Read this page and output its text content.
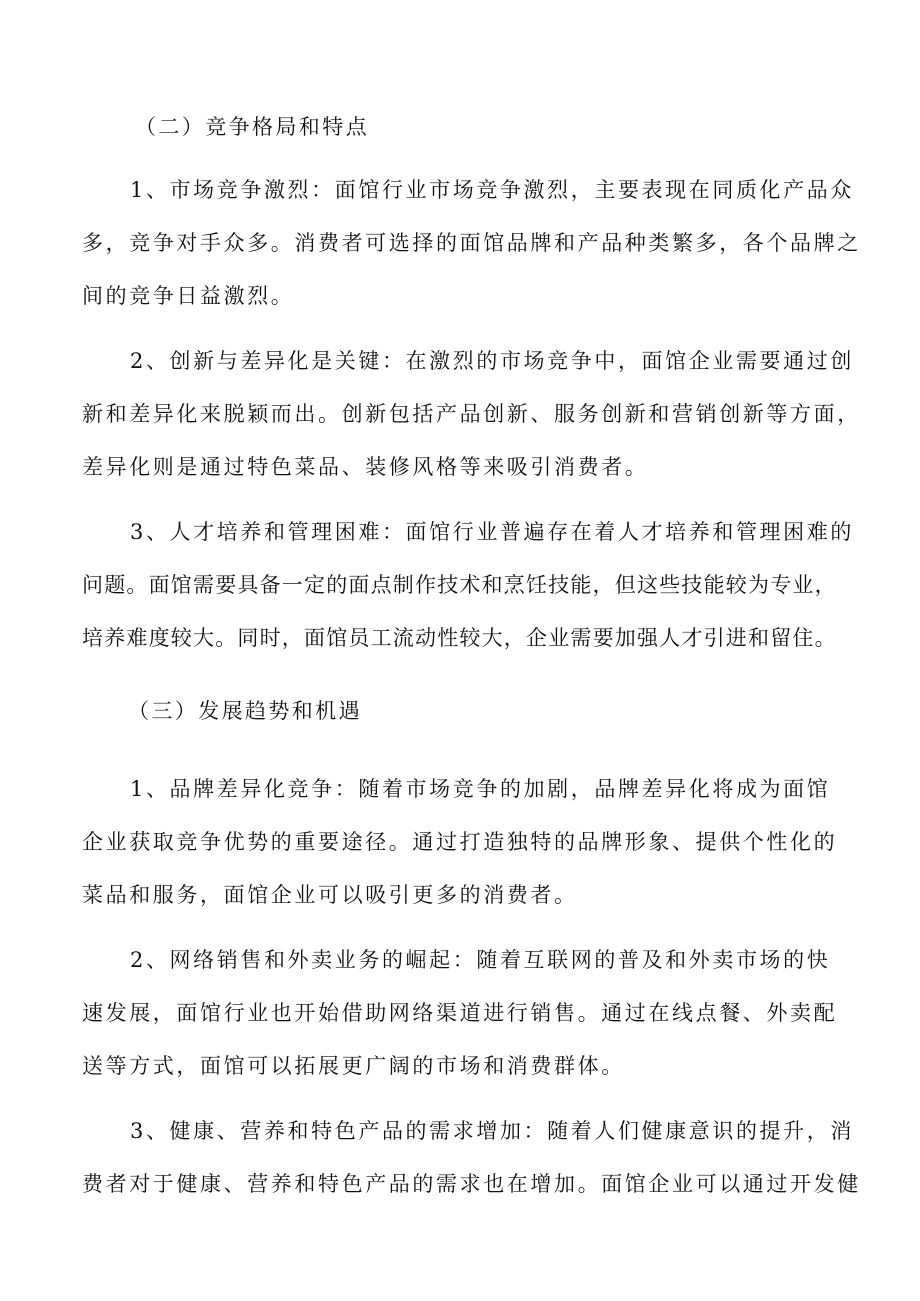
（二）竞争格局和特点
1、市场竞争激烈：面馆行业市场竞争激烈，主要表现在同质化产品众
多，竞争对手众多。消费者可选择的面馆品牌和产品种类繁多，各个品牌之
间的竞争日益激烈。
2、创新与差异化是关键：在激烈的市场竞争中，面馆企业需要通过创
新和差异化来脱颖而出。创新包括产品创新、服务创新和营销创新等方面，
差异化则是通过特色菜品、装修风格等来吸引消费者。
3、人才培养和管理困难：面馆行业普遍存在着人才培养和管理困难的
问题。面馆需要具备一定的面点制作技术和烹饪技能，但这些技能较为专业，
培养难度较大。同时，面馆员工流动性较大，企业需要加强人才引进和留住。
（三）发展趋势和机遇
1、品牌差异化竞争：随着市场竞争的加剧，品牌差异化将成为面馆
企业获取竞争优势的重要途径。通过打造独特的品牌形象、提供个性化的
菜品和服务，面馆企业可以吸引更多的消费者。
2、网络销售和外卖业务的崛起：随着互联网的普及和外卖市场的快
速发展，面馆行业也开始借助网络渠道进行销售。通过在线点餐、外卖配
送等方式，面馆可以拓展更广阔的市场和消费群体。
3、健康、营养和特色产品的需求增加：随着人们健康意识的提升，消
费者对于健康、营养和特色产品的需求也在增加。面馆企业可以通过开发健
